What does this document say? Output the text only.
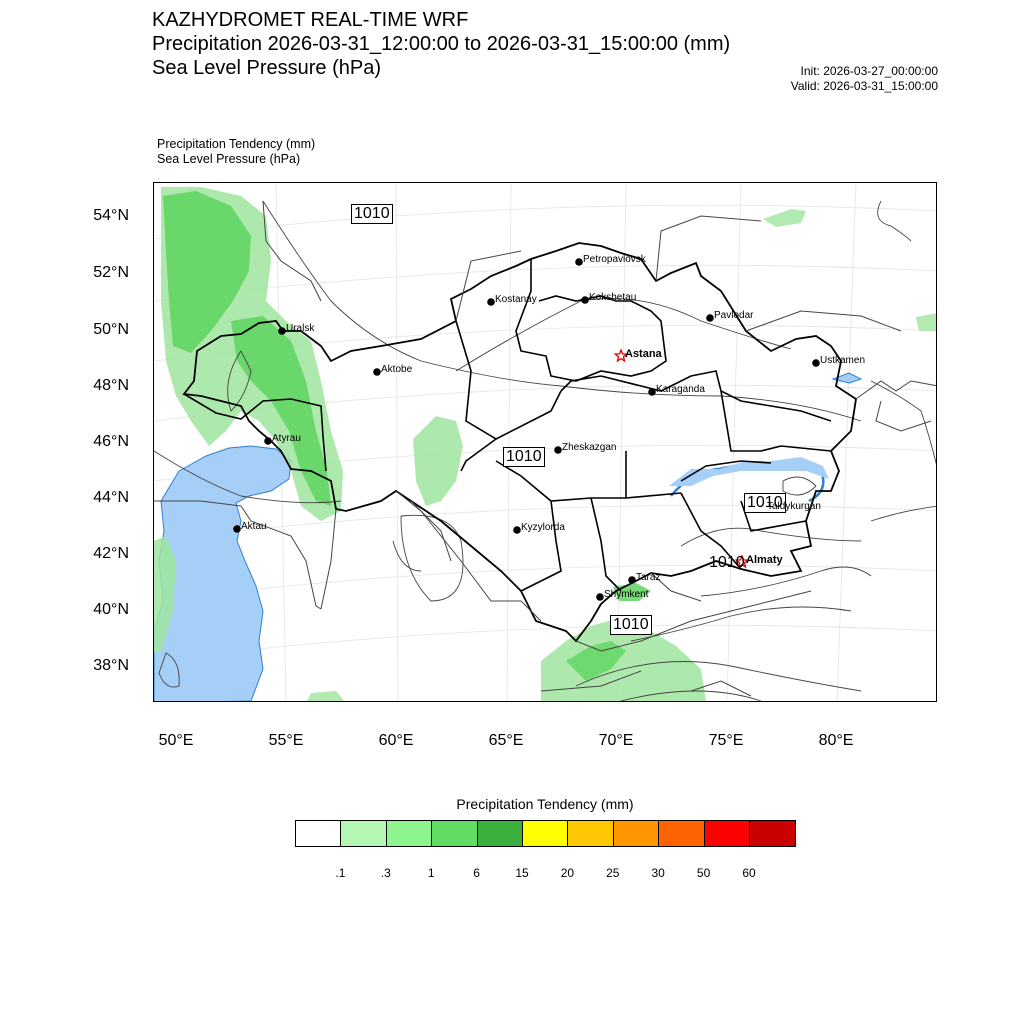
KAZHYDROMET REAL-TIME WRF
Precipitation 2026-03-31_12:00:00 to 2026-03-31_15:00:00 (mm)
Sea Level Pressure (hPa)	Init: 2026-03-27_00:00:00
Valid: 2026-03-31_15:00:00
Precipitation Tendency (mm)
Sea Level Pressure (hPa)
54°N
52°N
50°N
48°N
46°N
44°N
42°N
40°N
38°N
50°E	55°E	60°E	65°E	70°E	75°E	80°E
1010
1010
1010
1010
1010
Petropavlovsk
Kostanay	Kokshetau
Pavlodar
Uralsk
Astana
Ustkamen
Aktobe
Karaganda
Atyrau
Zheskazgan
Taldykurgan
Aktau	Kyzylorda
Almaty
Taraz
Shymkent
Precipitation Tendency (mm)
.1	.3	1	6	15	20	25	30	50	60
